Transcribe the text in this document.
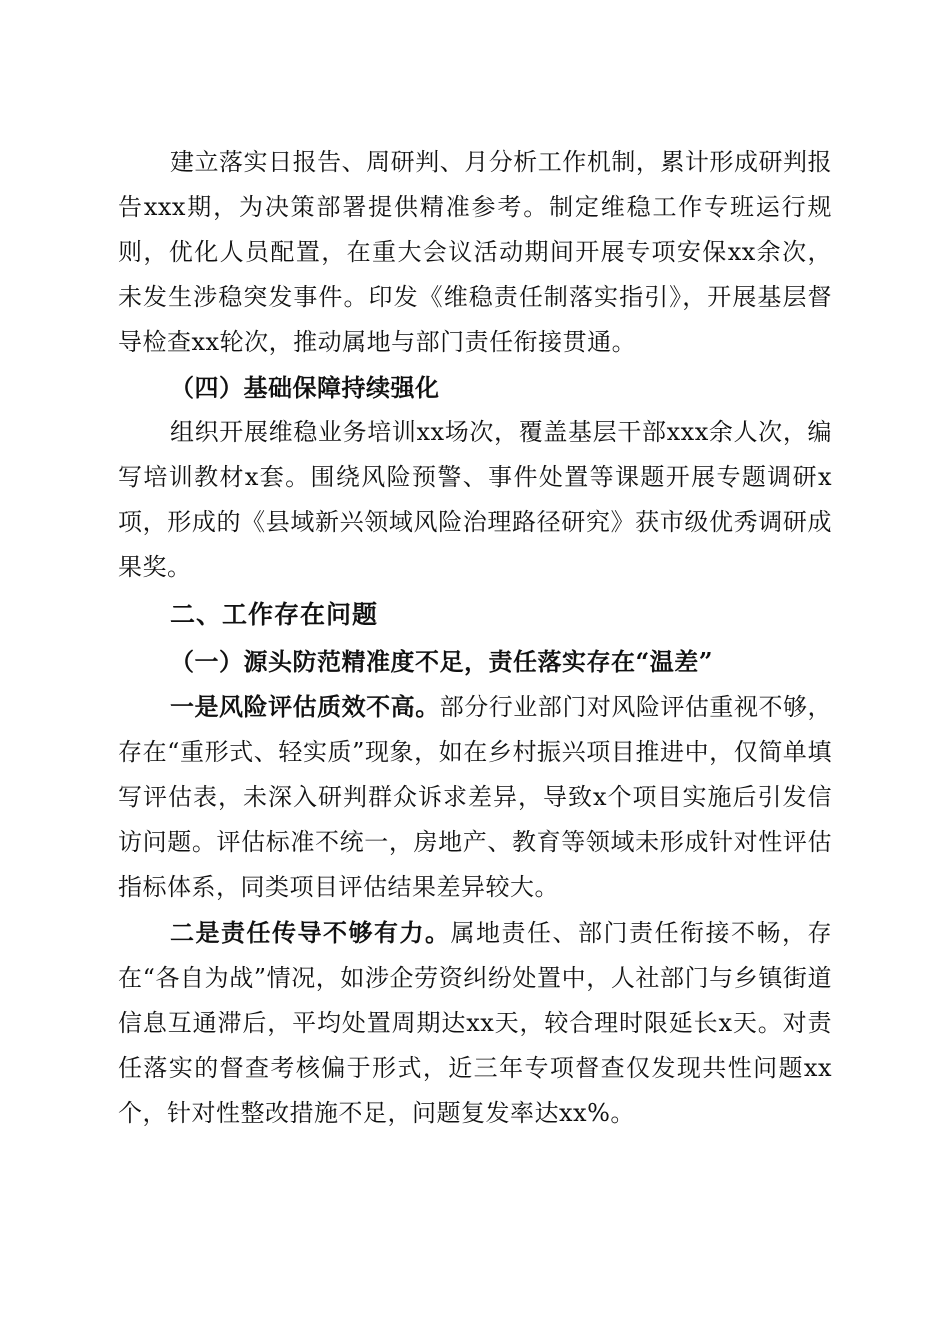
建立落实日报告、周研判、月分析工作机制，累计形成研判报告xxx期，为决策部署提供精准参考。制定维稳工作专班运行规则，优化人员配置，在重大会议活动期间开展专项安保xx余次，未发生涉稳突发事件。印发《维稳责任制落实指引》，开展基层督导检查xx轮次，推动属地与部门责任衔接贯通。

（四）基础保障持续强化

组织开展维稳业务培训xx场次，覆盖基层干部xxx余人次，编写培训教材x套。围绕风险预警、事件处置等课题开展专题调研x项，形成的《县域新兴领域风险治理路径研究》获市级优秀调研成果奖。

二、工作存在问题

（一）源头防范精准度不足，责任落实存在“温差”

一是风险评估质效不高。部分行业部门对风险评估重视不够，存在“重形式、轻实质”现象，如在乡村振兴项目推进中，仅简单填写评估表，未深入研判群众诉求差异，导致x个项目实施后引发信访问题。评估标准不统一，房地产、教育等领域未形成针对性评估指标体系，同类项目评估结果差异较大。

二是责任传导不够有力。属地责任、部门责任衔接不畅，存在“各自为战”情况，如涉企劳资纠纷处置中，人社部门与乡镇街道信息互通滞后，平均处置周期达xx天，较合理时限延长x天。对责任落实的督查考核偏于形式，近三年专项督查仅发现共性问题xx个，针对性整改措施不足，问题复发率达xx%。
